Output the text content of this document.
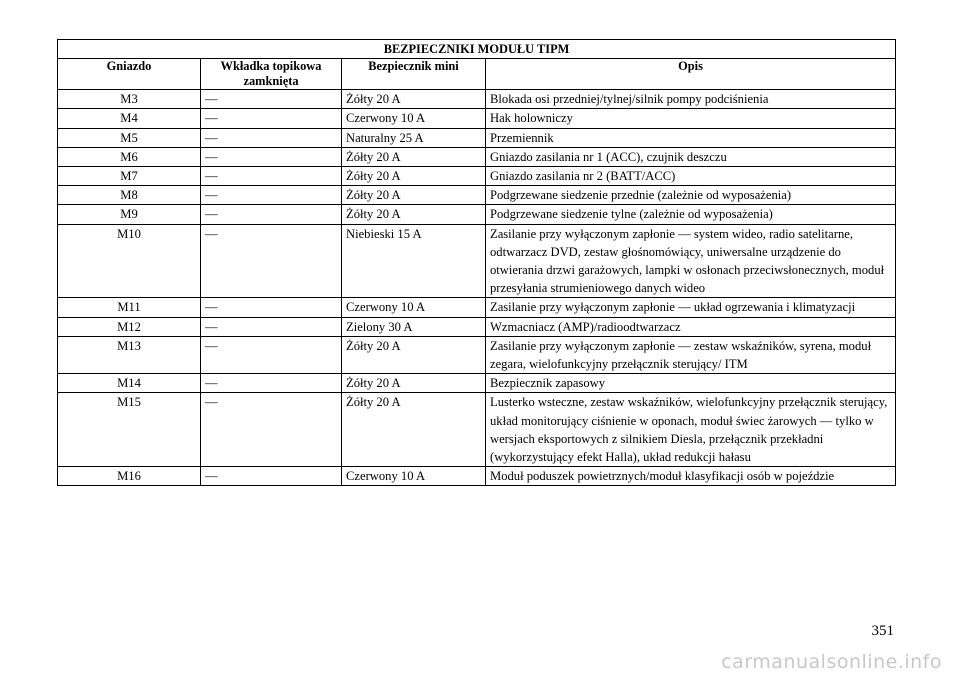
BEZPIECZNIKI MODUŁU TIPM			
Gniazdo	Wkładka topikowa zamknięta	Bezpiecznik mini	Opis
M3	—	Żółty 20 A	Blokada osi przedniej/tylnej/silnik pompy podciśnienia
M4	—	Czerwony 10 A	Hak holowniczy
M5	—	Naturalny 25 A	Przemiennik
M6	—	Żółty 20 A	Gniazdo zasilania nr 1 (ACC), czujnik deszczu
M7	—	Żółty 20 A	Gniazdo zasilania nr 2 (BATT/ACC)
M8	—	Żółty 20 A	Podgrzewane siedzenie przednie (zależnie od wyposażenia)
M9	—	Żółty 20 A	Podgrzewane siedzenie tylne (zależnie od wyposażenia)
M10	—	Niebieski 15 A	Zasilanie przy wyłączonym zapłonie — system wideo, radio satelitarne, odtwarzacz DVD, zestaw głośnomówiący, uniwersalne urządzenie do otwierania drzwi garażowych, lampki w osłonach przeciwsłonecznych, moduł przesyłania strumieniowego danych wideo
M11	—	Czerwony 10 A	Zasilanie przy wyłączonym zapłonie — układ ogrzewania i klimatyzacji
M12	—	Zielony 30 A	Wzmacniacz (AMP)/radioodtwarzacz
M13	—	Żółty 20 A	Zasilanie przy wyłączonym zapłonie — zestaw wskaźników, syrena, moduł zegara, wielofunkcyjny przełącznik sterujący/ ITM
M14	—	Żółty 20 A	Bezpiecznik zapasowy
M15	—	Żółty 20 A	Lusterko wsteczne, zestaw wskaźników, wielofunkcyjny przełącznik sterujący, układ monitorujący ciśnienie w oponach, moduł świec żarowych — tylko w wersjach eksportowych z silnikiem Diesla, przełącznik przekładni (wykorzystujący efekt Halla), układ redukcji hałasu
M16	—	Czerwony 10 A	Moduł poduszek powietrznych/moduł klasyfikacji osób w pojeździe
351
carmanualsonline.info
